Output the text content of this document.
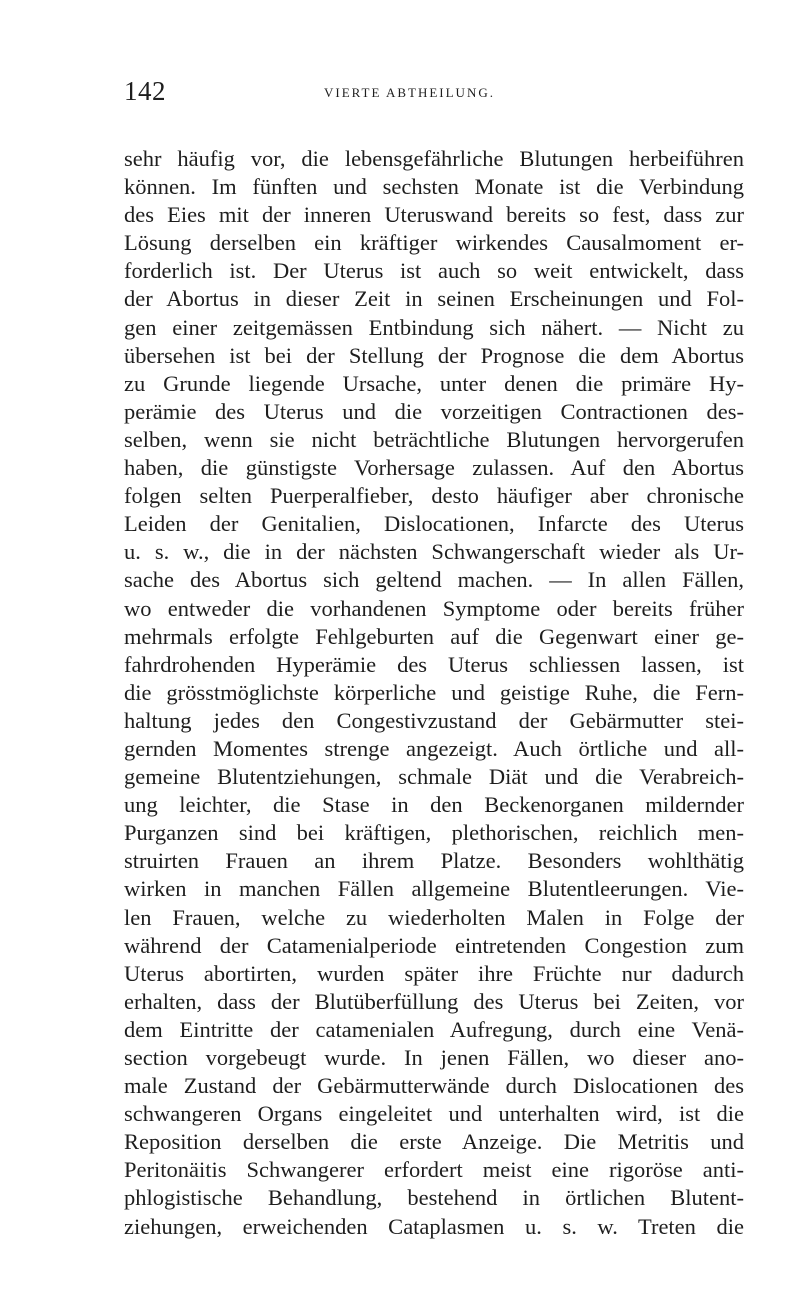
142	VIERTE ABTHEILUNG.
sehr häufig vor, die lebensgefährliche Blutungen herbeiführen
können. Im fünften und sechsten Monate ist die Verbindung
des Eies mit der inneren Uteruswand bereits so fest, dass zur
Lösung derselben ein kräftiger wirkendes Causalmoment er-
forderlich ist. Der Uterus ist auch so weit entwickelt, dass
der Abortus in dieser Zeit in seinen Erscheinungen und Fol-
gen einer zeitgemässen Entbindung sich nähert. — Nicht zu
übersehen ist bei der Stellung der Prognose die dem Abortus
zu Grunde liegende Ursache, unter denen die primäre Hy-
perämie des Uterus und die vorzeitigen Contractionen des-
selben, wenn sie nicht beträchtliche Blutungen hervorgerufen
haben, die günstigste Vorhersage zulassen. Auf den Abortus
folgen selten Puerperalfieber, desto häufiger aber chronische
Leiden der Genitalien, Dislocationen, Infarcte des Uterus
u. s. w., die in der nächsten Schwangerschaft wieder als Ur-
sache des Abortus sich geltend machen. — In allen Fällen,
wo entweder die vorhandenen Symptome oder bereits früher
mehrmals erfolgte Fehlgeburten auf die Gegenwart einer ge-
fahrdrohenden Hyperämie des Uterus schliessen lassen, ist
die grösstmöglichste körperliche und geistige Ruhe, die Fern-
haltung jedes den Congestivzustand der Gebärmutter stei-
gernden Momentes strenge angezeigt. Auch örtliche und all-
gemeine Blutentziehungen, schmale Diät und die Verabreich-
ung leichter, die Stase in den Beckenorganen mildernder
Purganzen sind bei kräftigen, plethorischen, reichlich men-
struirten Frauen an ihrem Platze. Besonders wohlthätig
wirken in manchen Fällen allgemeine Blutentleerungen. Vie-
len Frauen, welche zu wiederholten Malen in Folge der
während der Catamenialperiode eintretenden Congestion zum
Uterus abortirten, wurden später ihre Früchte nur dadurch
erhalten, dass der Blutüberfüllung des Uterus bei Zeiten, vor
dem Eintritte der catamenialen Aufregung, durch eine Venä-
section vorgebeugt wurde. In jenen Fällen, wo dieser ano-
male Zustand der Gebärmutterwände durch Dislocationen des
schwangeren Organs eingeleitet und unterhalten wird, ist die
Reposition derselben die erste Anzeige. Die Metritis und
Peritonäitis Schwangerer erfordert meist eine rigoröse anti-
phlogistische Behandlung, bestehend in örtlichen Blutent-
ziehungen, erweichenden Cataplasmen u. s. w. Treten die
